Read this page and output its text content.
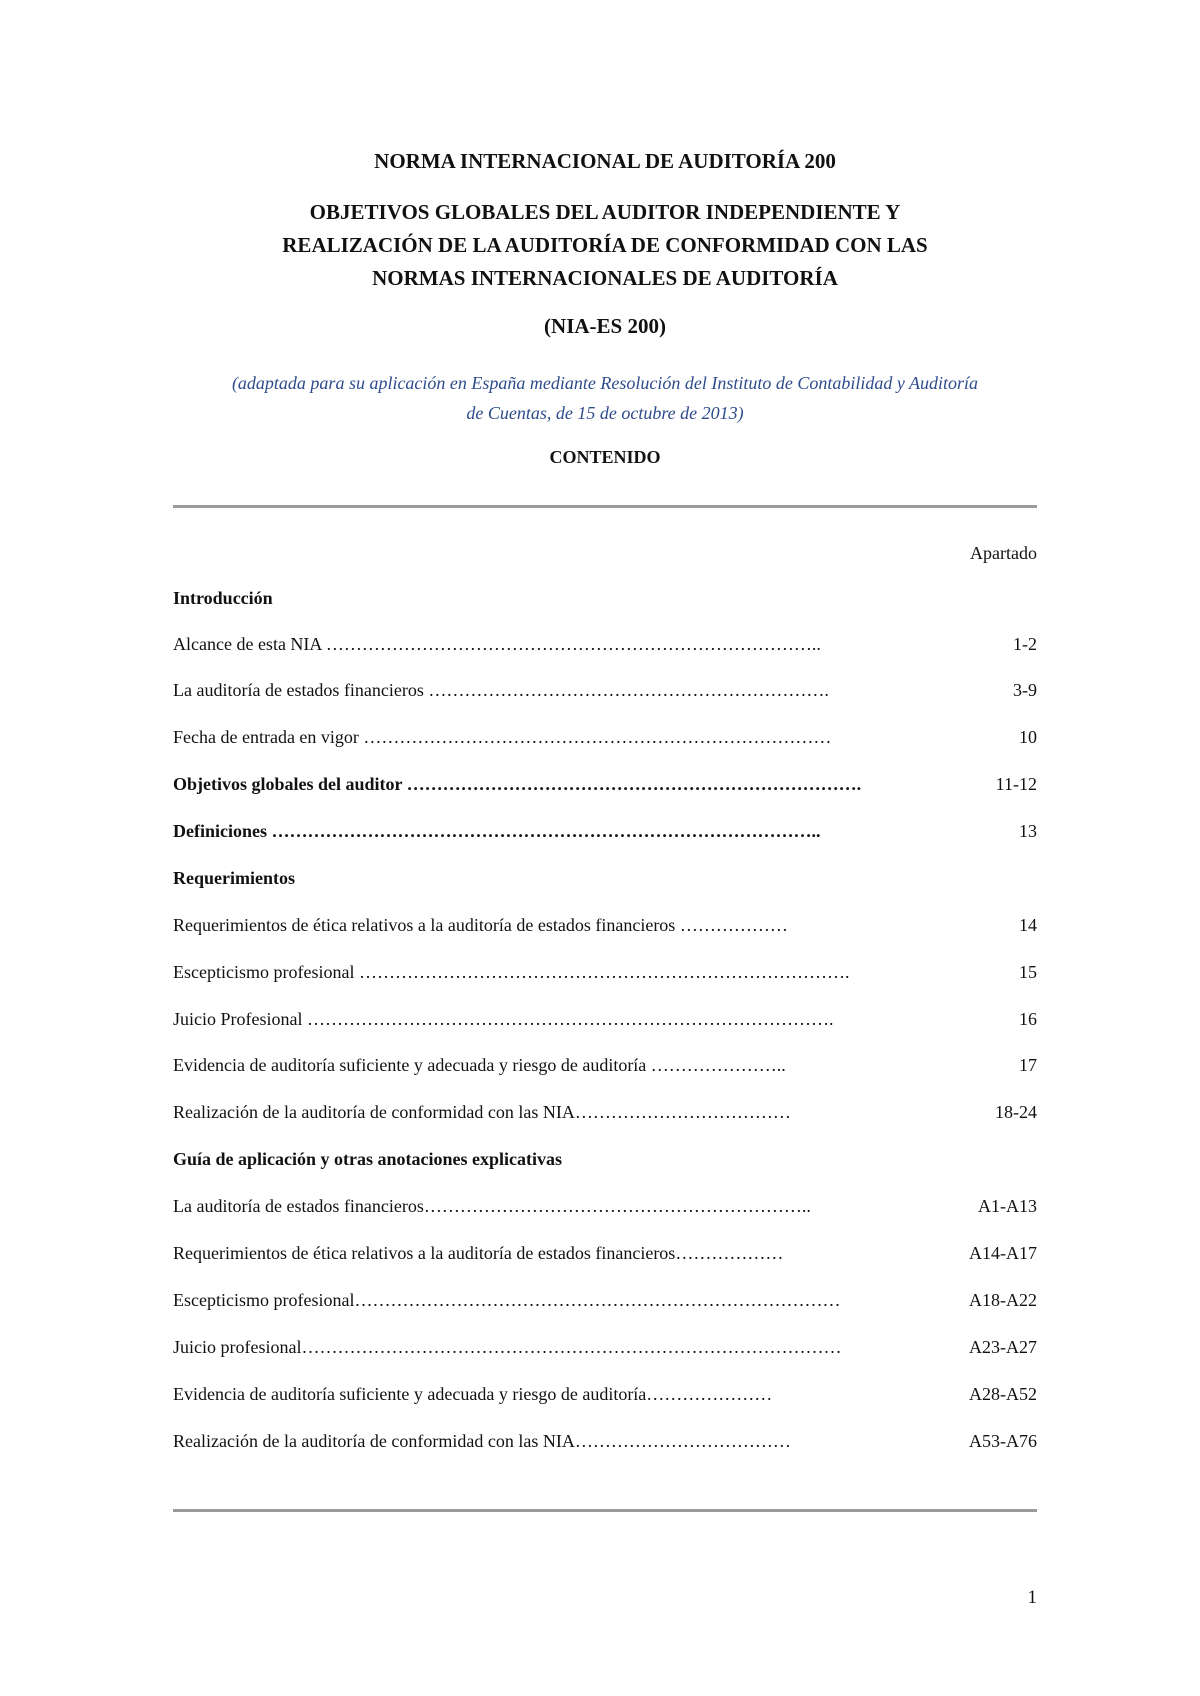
NORMA INTERNACIONAL DE AUDITORÍA 200
OBJETIVOS GLOBALES DEL AUDITOR INDEPENDIENTE Y
REALIZACIÓN DE LA AUDITORÍA DE CONFORMIDAD CON LAS
NORMAS INTERNACIONALES DE AUDITORÍA
(NIA-ES 200)
(adaptada para su aplicación en España mediante Resolución del Instituto de Contabilidad y Auditoría
de Cuentas, de 15 de octubre de 2013)
CONTENIDO
Apartado
Introducción
Alcance de esta NIA ………………………………………………………………………..	1-2
La auditoría de estados financieros ………………………………………………………….	3-9
Fecha de entrada en vigor ……………………………………………………………………	10
Objetivos globales del auditor ………………………………………………………………….	11-12
Definiciones ………………………………………………………………………………..	13
Requerimientos
Requerimientos de ética relativos a la auditoría de estados financieros ………………	14
Escepticismo profesional ……………………………………………………………………….	15
Juicio Profesional …………………………………………………………………………….	16
Evidencia de auditoría suficiente y adecuada y riesgo de auditoría …………………..	17
Realización de la auditoría de conformidad con las NIA………………………………	18-24
Guía de aplicación y otras anotaciones explicativas
La auditoría de estados financieros………………………………………………………..	A1-A13
Requerimientos de ética relativos a la auditoría de estados financieros………………	A14-A17
Escepticismo profesional………………………………………………………………………	A18-A22
Juicio profesional………………………………………………………………………………	A23-A27
Evidencia de auditoría suficiente y adecuada y riesgo de auditoría…………………	A28-A52
Realización de la auditoría de conformidad con las NIA………………………………	A53-A76
1
